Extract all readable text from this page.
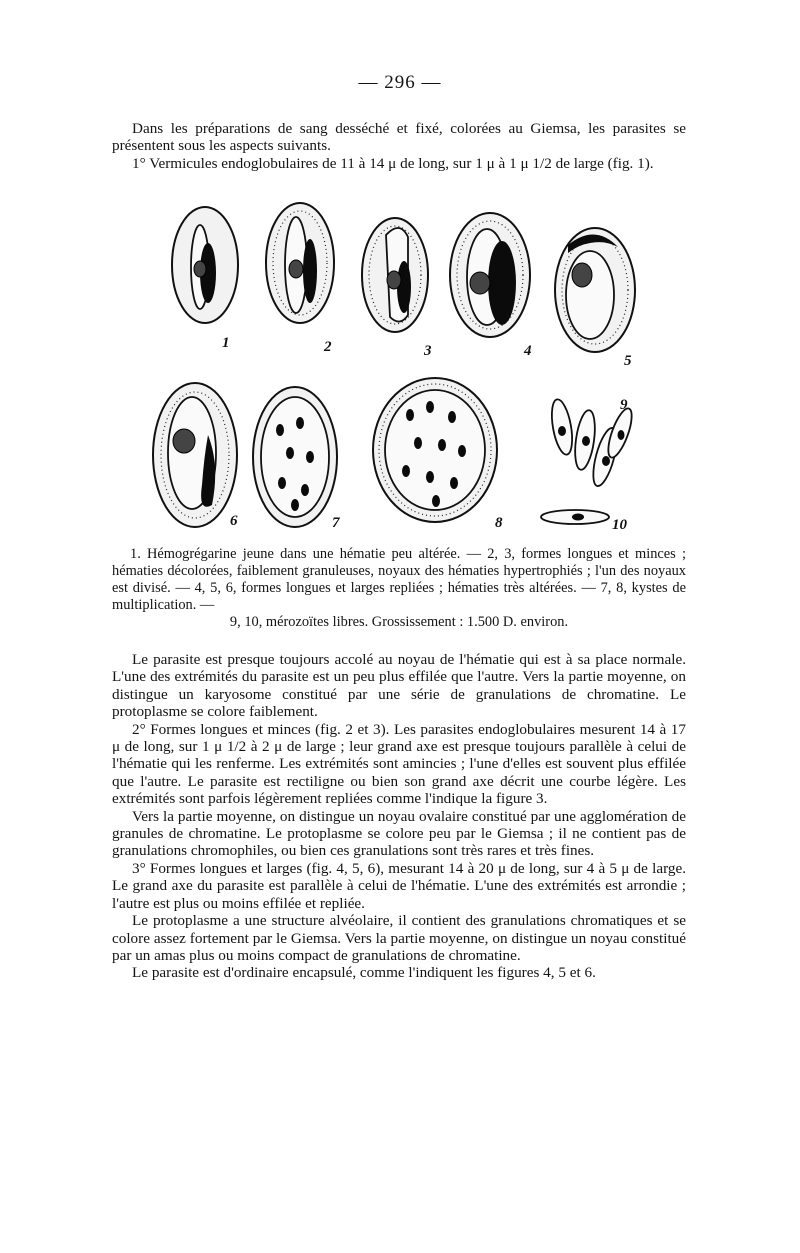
— 296 —

Dans les préparations de sang desséché et fixé, colorées au Giemsa, les parasites se présentent sous les aspects suivants.

1° Vermicules endoglobulaires de 11 à 14 μ de long, sur 1 μ à 1 μ 1/2 de large (fig. 1).

1	2	3	4
5
6	7	8
9
10
1. Hémogrégarine jeune dans une hématie peu altérée. — 2, 3, formes longues et minces ; hématies décolorées, faiblement granuleuses, noyaux des hématies hypertrophiés ; l'un des noyaux est divisé. — 4, 5, 6, formes longues et larges repliées ; hématies très altérées. — 7, 8, kystes de multiplication. —
9, 10, mérozoïtes libres. Grossissement : 1.500 D. environ.

Le parasite est presque toujours accolé au noyau de l'hématie qui est à sa place normale. L'une des extrémités du parasite est un peu plus effilée que l'autre. Vers la partie moyenne, on distingue un karyosome constitué par une série de granulations de chromatine. Le protoplasme se colore faiblement.

2° Formes longues et minces (fig. 2 et 3). Les parasites endoglobulaires mesurent 14 à 17 μ de long, sur 1 μ 1/2 à 2 μ de large ; leur grand axe est presque toujours parallèle à celui de l'hématie qui les renferme. Les extrémités sont amincies ; l'une d'elles est souvent plus effilée que l'autre. Le parasite est rectiligne ou bien son grand axe décrit une courbe légère. Les extrémités sont parfois légèrement repliées comme l'indique la figure 3.

Vers la partie moyenne, on distingue un noyau ovalaire constitué par une agglomération de granules de chromatine. Le protoplasme se colore peu par le Giemsa ; il ne contient pas de granulations chromophiles, ou bien ces granulations sont très rares et très fines.

3° Formes longues et larges (fig. 4, 5, 6), mesurant 14 à 20 μ de long, sur 4 à 5 μ de large. Le grand axe du parasite est parallèle à celui de l'hématie. L'une des extrémités est arrondie ; l'autre est plus ou moins effilée et repliée.

Le protoplasme a une structure alvéolaire, il contient des granulations chromatiques et se colore assez fortement par le Giemsa. Vers la partie moyenne, on distingue un noyau constitué par un amas plus ou moins compact de granulations de chromatine.

Le parasite est d'ordinaire encapsulé, comme l'indiquent les figures 4, 5 et 6.
